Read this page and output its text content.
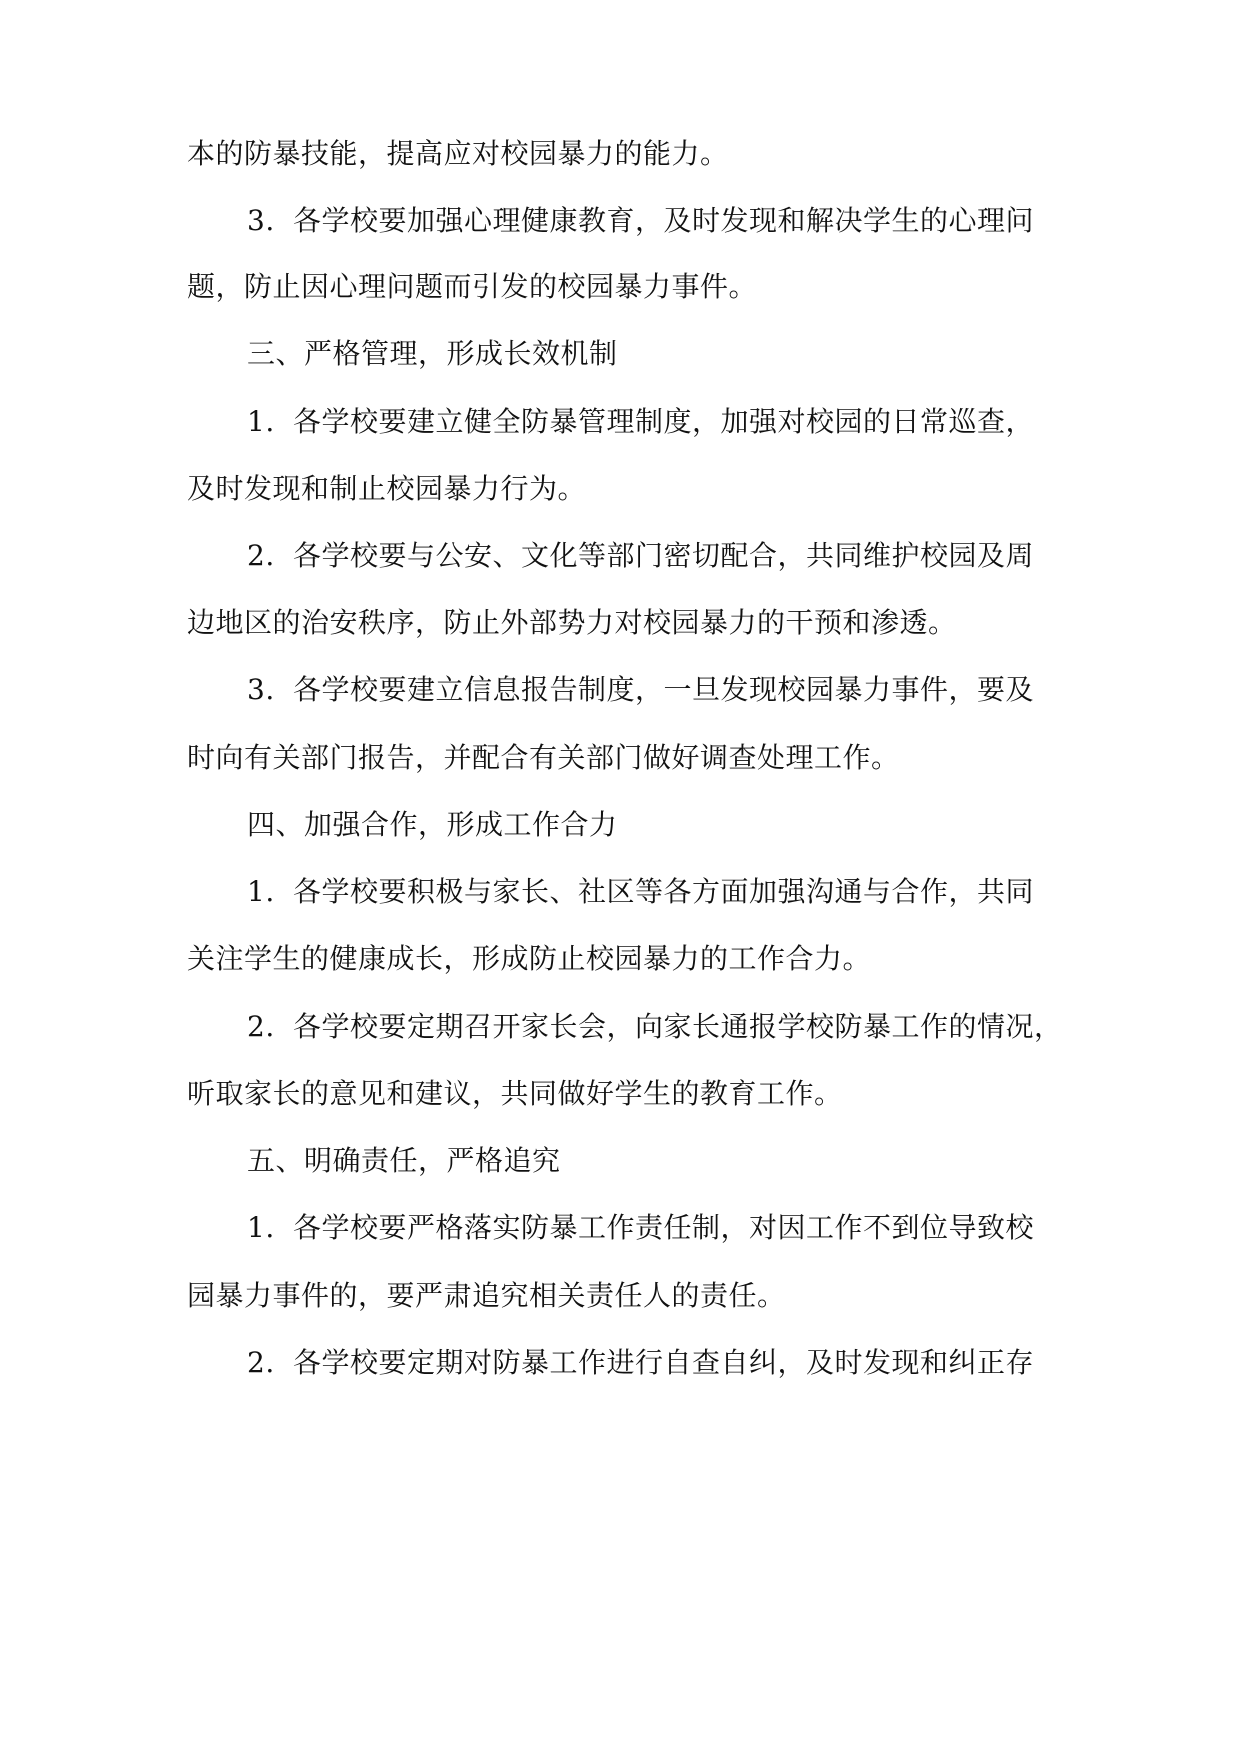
本的防暴技能，提高应对校园暴力的能力。
3. 各学校要加强心理健康教育，及时发现和解决学生的心理问
题，防止因心理问题而引发的校园暴力事件。
三、严格管理，形成长效机制
1. 各学校要建立健全防暴管理制度，加强对校园的日常巡查，
及时发现和制止校园暴力行为。
2. 各学校要与公安、文化等部门密切配合，共同维护校园及周
边地区的治安秩序，防止外部势力对校园暴力的干预和渗透。
3. 各学校要建立信息报告制度，一旦发现校园暴力事件，要及
时向有关部门报告，并配合有关部门做好调查处理工作。
四、加强合作，形成工作合力
1. 各学校要积极与家长、社区等各方面加强沟通与合作，共同
关注学生的健康成长，形成防止校园暴力的工作合力。
2. 各学校要定期召开家长会，向家长通报学校防暴工作的情况，
听取家长的意见和建议，共同做好学生的教育工作。
五、明确责任，严格追究
1. 各学校要严格落实防暴工作责任制，对因工作不到位导致校
园暴力事件的，要严肃追究相关责任人的责任。
2. 各学校要定期对防暴工作进行自查自纠，及时发现和纠正存
